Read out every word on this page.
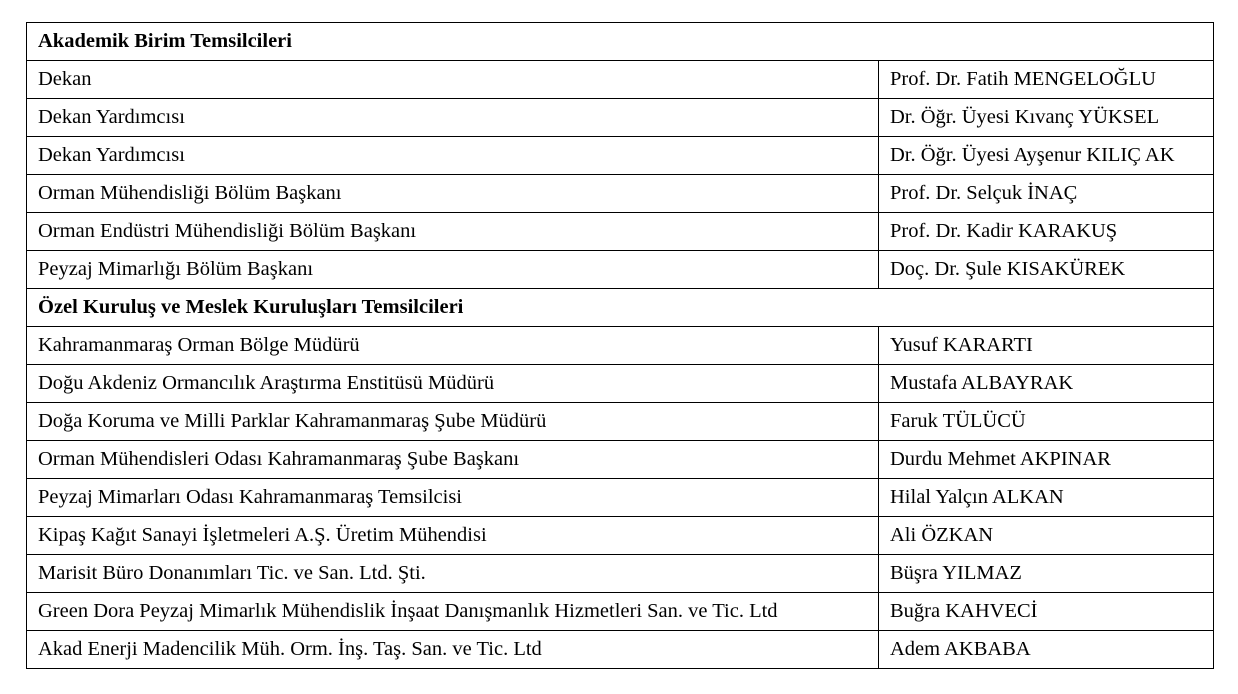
Akademik Birim Temsilcileri	
Dekan	Prof. Dr. Fatih MENGELOĞLU
Dekan Yardımcısı	Dr. Öğr. Üyesi Kıvanç YÜKSEL
Dekan Yardımcısı	Dr. Öğr. Üyesi Ayşenur KILIÇ AK
Orman Mühendisliği Bölüm Başkanı	Prof. Dr. Selçuk İNAÇ
Orman Endüstri Mühendisliği Bölüm Başkanı	Prof. Dr. Kadir KARAKUŞ
Peyzaj Mimarlığı Bölüm Başkanı	Doç. Dr. Şule KISAKÜREK
Özel Kuruluş ve Meslek Kuruluşları Temsilcileri	
Kahramanmaraş Orman Bölge Müdürü	Yusuf KARARTI
Doğu Akdeniz Ormancılık Araştırma Enstitüsü Müdürü	Mustafa ALBAYRAK
Doğa Koruma ve Milli Parklar Kahramanmaraş Şube Müdürü	Faruk TÜLÜCÜ
Orman Mühendisleri Odası Kahramanmaraş Şube Başkanı	Durdu Mehmet AKPINAR
Peyzaj Mimarları Odası Kahramanmaraş Temsilcisi	Hilal Yalçın ALKAN
Kipaş Kağıt Sanayi İşletmeleri A.Ş. Üretim Mühendisi	Ali ÖZKAN
Marisit Büro Donanımları Tic. ve San. Ltd. Şti.	Büşra YILMAZ
Green Dora Peyzaj Mimarlık Mühendislik İnşaat Danışmanlık Hizmetleri San. ve Tic. Ltd	Buğra KAHVECİ
Akad Enerji Madencilik Müh. Orm. İnş. Taş. San. ve Tic. Ltd	Adem AKBABA
